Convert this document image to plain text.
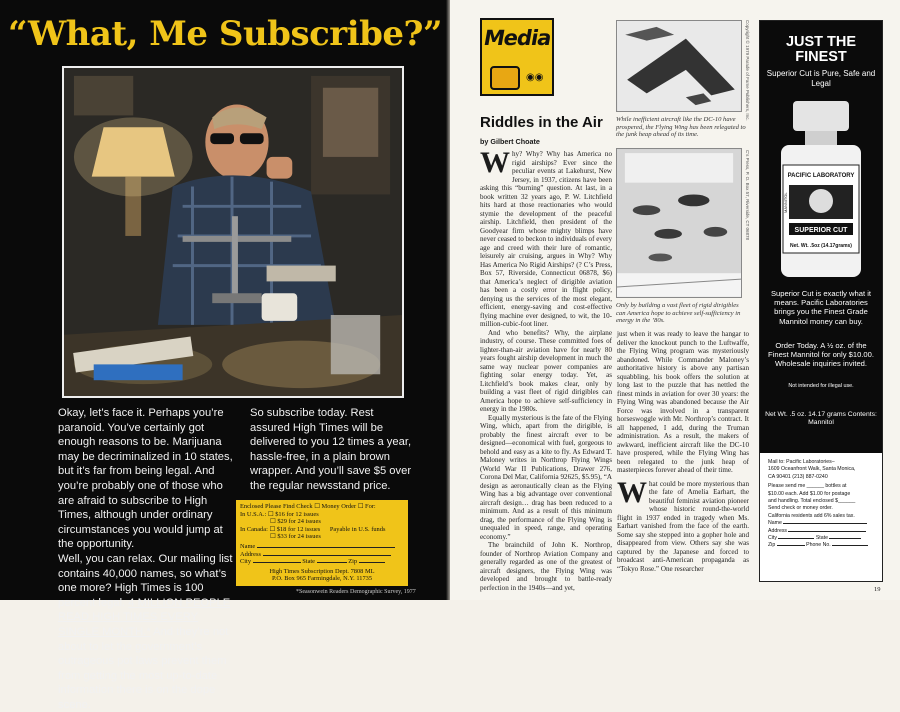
“What, Me Subscribe?”

Okay, let’s face it. Perhaps you’re paranoid. You’ve certainly got enough reasons to be. Marijuana may be decriminalized in 10 states, but it’s far from being legal. And you’re probably one of those who are afraid to subscribe to High Times, although under ordinary circumstances you would jump at the opportunity.

Well, you can relax. Our mailing list contains 40,000 names, so what’s one more? High Times is 100 percent legal. 4 MILLION PEOPLE READ HIGH TIMES EVERY SINGLE MONTH.* And they’re not about to let the government’s outrageous pot laws prevent them from getting the most up-to-date information there is on the dope scene.

So subscribe today. Rest assured High Times will be delivered to you 12 times a year, hassle-free, in a plain brown wrapper. And you’ll save $5 over the regular newsstand price.

Enclosed Please Find Check ☐ Money Order ☐ For:
In U.S.A.: ☐ $16 for 12 issues
☐ $29 for 24 issues
In Canada: ☐ $18 for 12 issues Payable in U.S. funds
☐ $33 for 24 issues
Name
Address
City	State	Zip
High Times Subscription Dept. 7808 ML
P.O. Box 965 Farmingdale, N.Y. 11735
*Seasonwein Readers Demographic Survey, 1977
Media
◉◉
Riddles in the Air
by Gilbert Choate

Why? Why? Why has America no rigid airships? Ever since the peculiar events at Lakehurst, New Jersey, in 1937, citizens have been asking this “burning” question. At last, in a book written 32 years ago, P. W. Litchfield hits hard at those reactionaries who would stymie the development of the peaceful airship. Litchfield, then president of the Goodyear firm whose mighty blimps have never ceased to beckon to individuals of every age and creed with their lure of romantic, leisurely air cruising, argues in Why? Why Has America No Rigid Airships? (? C’s Press, Box 57, Riverside, Connecticut 06878, $6) that America’s neglect of dirigible aviation has been a costly error in flight policy, denying us the services of the most elegant, efficient, energy-saving and cost-effective flying machine ever designed, to wit, the 10-million-cubic-foot liner.

And who benefits? Why, the airplane industry, of course. These committed foes of lighter-than-air aviation have for nearly 80 years fought airship development in much the same way nuclear power companies are fighting solar energy today. Yet, as Litchfield’s book makes clear, only by building a vast fleet of rigid dirigibles can America hope to achieve self-sufficiency in energy in the 1980s.

Equally mysterious is the fate of the Flying Wing, which, apart from the dirigible, is probably the finest aircraft ever to be designed—economical with fuel, gorgeous to behold and easy as a kite to fly. As Edward T. Maloney writes in Northrop Flying Wings (World War II Publications, Drawer 276, Corona Del Mar, California 92625, $5.95), “A design as aeronautically clean as the Flying Wing has a big advantage over conventional aircraft design… drag has been reduced to a minimum. And as a result of this minimum drag, the performance of the Flying Wing is unequaled in speed, range, and operating economy.”

The brainchild of John K. Northrop, founder of Northrop Aviation Company and generally regarded as one of the greatest of aircraft designers, the Flying Wing was developed and brought to battle-ready perfection in the 1940s—and yet,

just when it was ready to leave the hangar to deliver the knockout punch to the Luftwaffe, the Flying Wing program was mysteriously abandoned. While Commander Maloney’s authoritative history is above any partisan squabbling, his book offers the solution at long last to the puzzle that has nettled the finest minds in aviation for over 30 years: the Flying Wing was abandoned because the Air Force was involved in a transparent horseswoggle with Mr. Northrop’s contract. It all happened, I add, during the Truman administration. As a result, the makers of awkward, inefficient aircraft like the DC-10 have prospered, while the Flying Wing has been relegated to the junk heap of masterpieces forever ahead of their time.

What could be more mysterious than the fate of Amelia Earhart, the beautiful feminist aviation pioneer whose historic round-the-world flight in 1937 ended in tragedy when Ms. Earhart vanished from the face of the earth. Some say she stepped into a gopher hole and disappeared from view. Others say she was captured by the Japanese and forced to broadcast anti-American propaganda as “Tokyo Rose.” One researcher

Copyright © 1979 Parade of Fame Publishers, Inc.
While inefficient aircraft like the DC-10 have prospered, the Flying Wing has been relegated to the junk heap ahead of its time.
C’s Press, P. O. Box 57, Riverside, CT 06878
Only by building a vast fleet of rigid dirigibles can America hope to achieve self-sufficiency in energy in the ’80s.
JUST THE FINEST
Superior Cut is Pure, Safe and Legal
PACIFIC LABORATORY
MANNITOL
SUPERIOR CUT
Net. Wt. .5oz (14.17grams)
Superior Cut is exactly what it means. Pacific Laboratories brings you the Finest Grade Mannitol money can buy.
Order Today. A ½ oz. of the Finest Mannitol for only $10.00. Wholesale inquiries invited.
Not intended for illegal use.
Net Wt. .5 oz. 14.17 grams Contents: Mannitol
Mail to: Pacific Laboratories–
1609 Oceanfront Walk, Santa Monica,
CA 90401 (213) 887-0240
Please send me ______ bottles at
$10.00 each. Add $1.00 for postage
and handling. Total enclosed $______
Send check or money order.
California residents add 6% sales tax.
Name
Address
City	State
Zip	Phone No.
19
